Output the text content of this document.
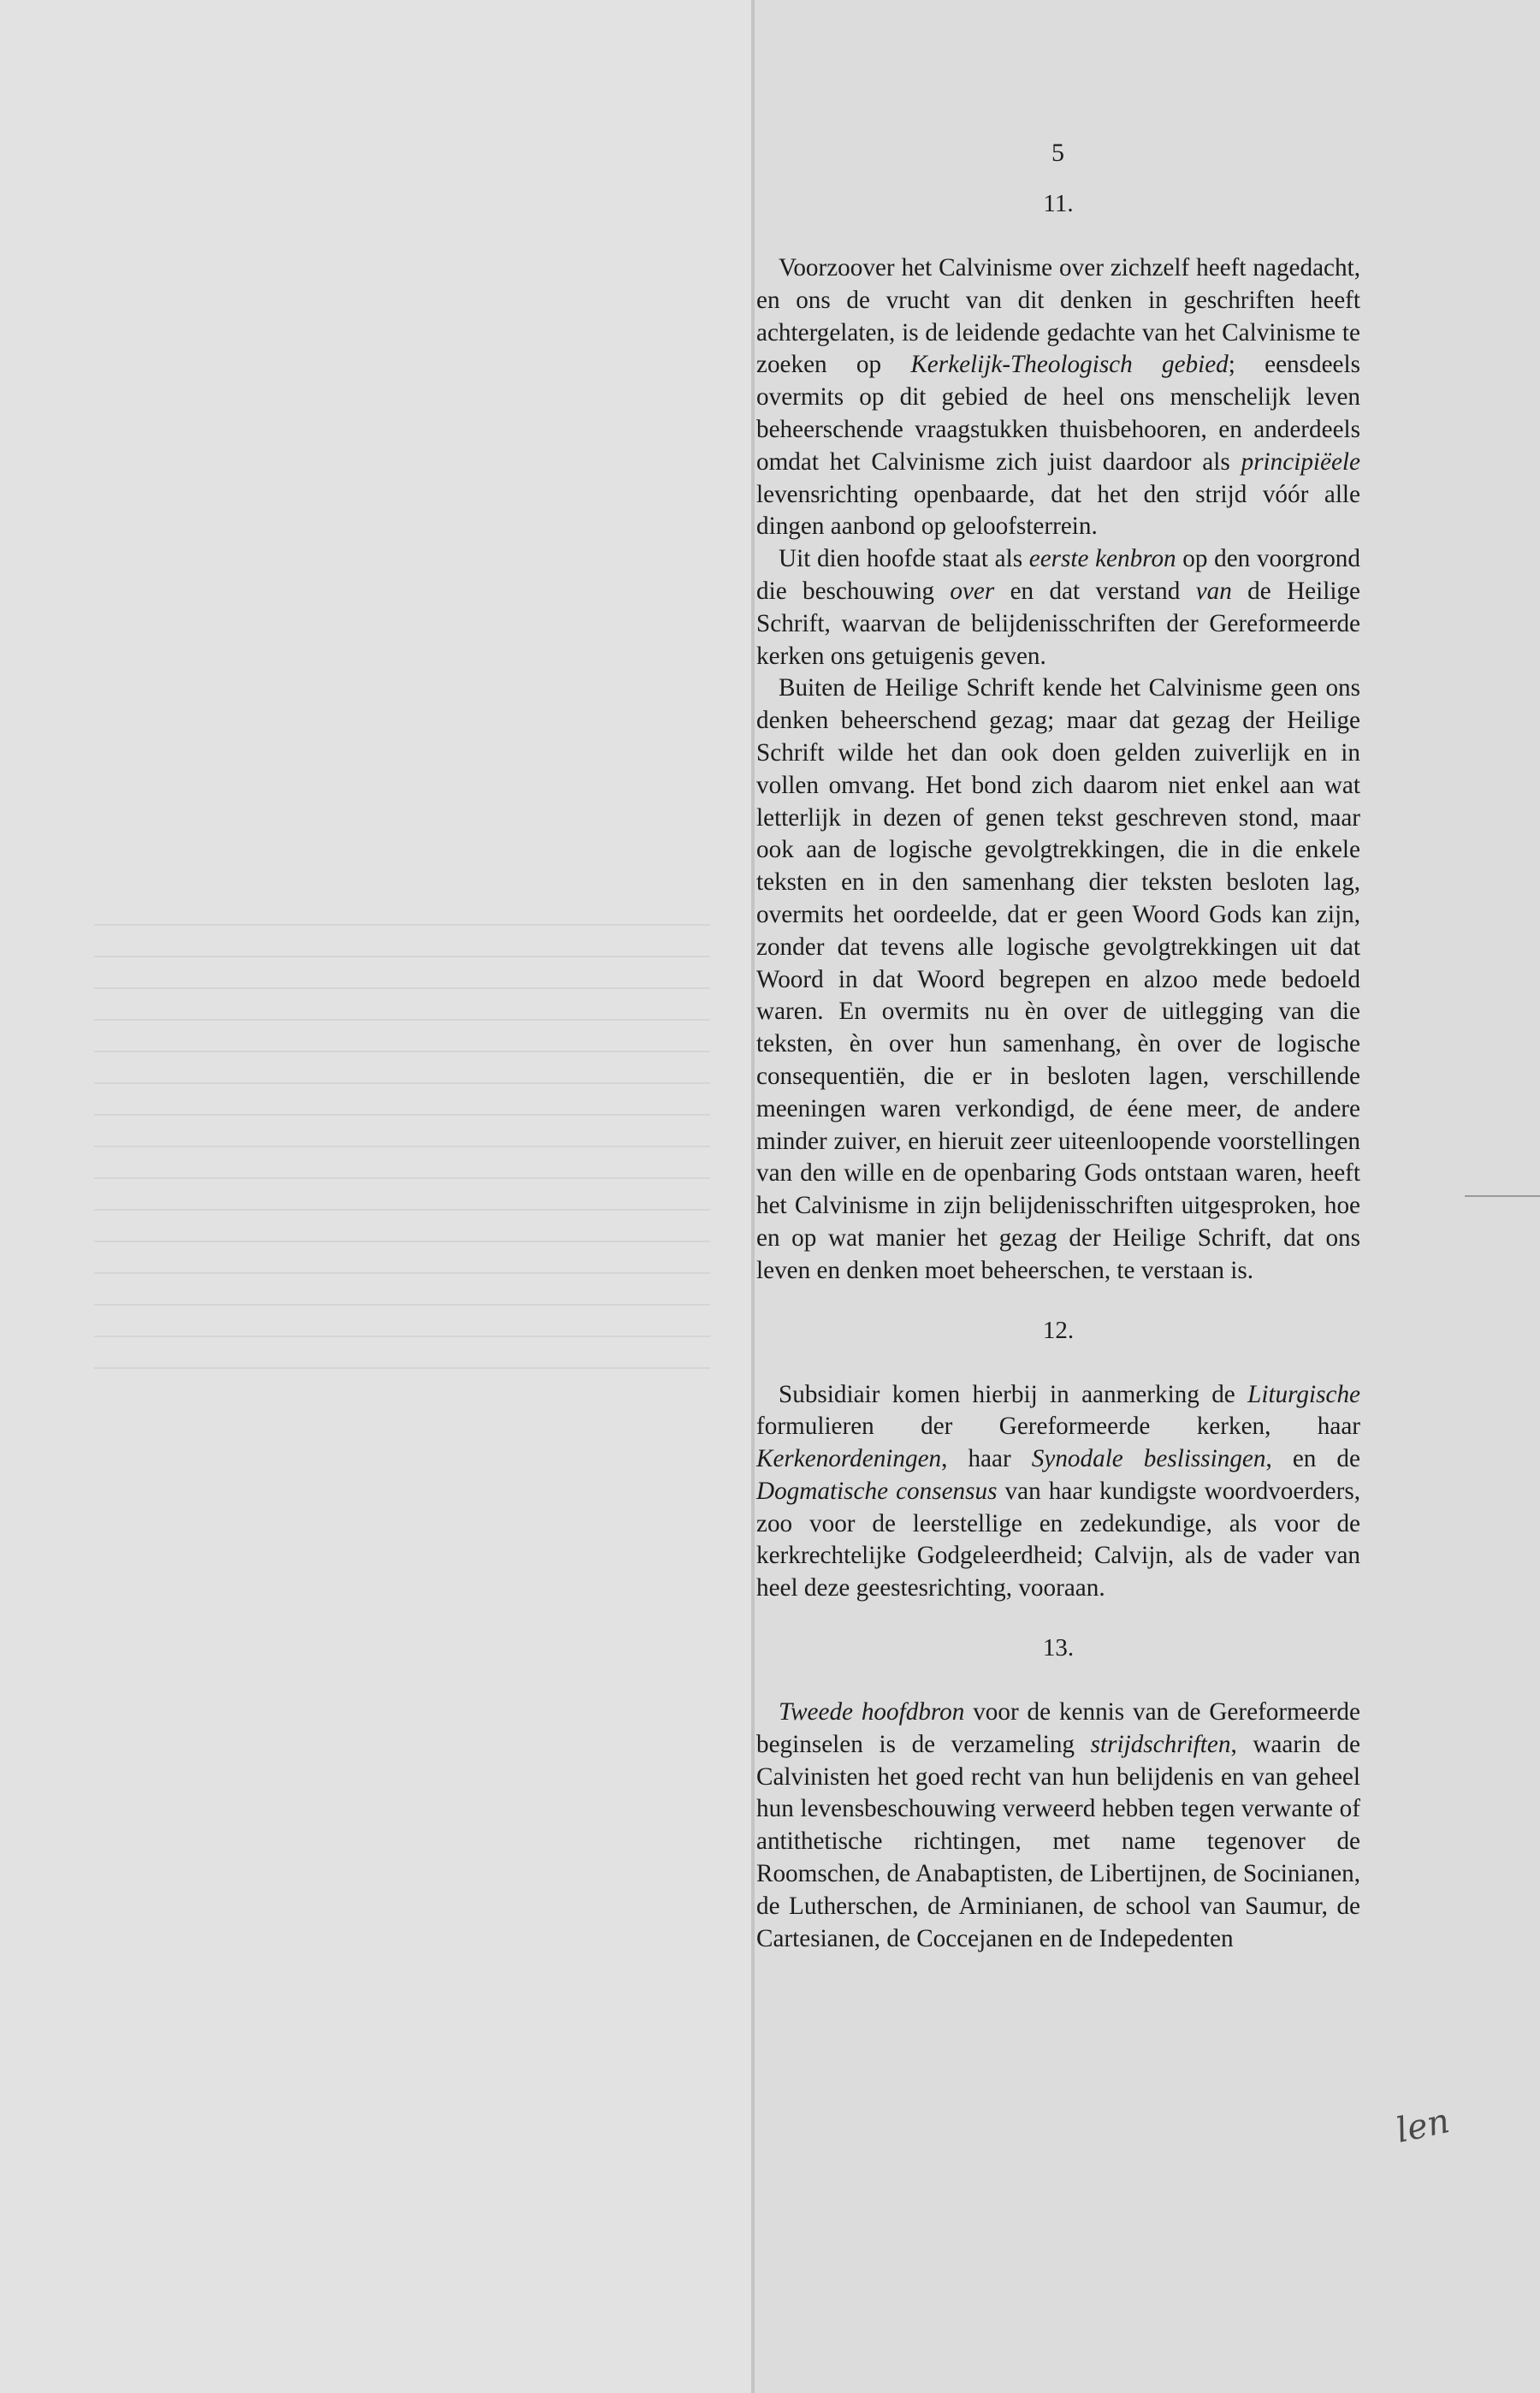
5
11.

Voorzoover het Calvinisme over zichzelf heeft nagedacht, en ons de vrucht van dit denken in geschriften heeft achtergelaten, is de leidende gedachte van het Calvinisme te zoeken op Kerkelijk-Theologisch gebied; eensdeels overmits op dit gebied de heel ons menschelijk leven beheerschende vraagstukken thuisbehooren, en anderdeels omdat het Calvinisme zich juist daardoor als principiëele levensrichting openbaarde, dat het den strijd vóór alle dingen aanbond op geloofsterrein.

Uit dien hoofde staat als eerste kenbron op den voorgrond die beschouwing over en dat verstand van de Heilige Schrift, waarvan de belijdenisschriften der Gereformeerde kerken ons getuigenis geven.

Buiten de Heilige Schrift kende het Calvinisme geen ons denken beheerschend gezag; maar dat gezag der Heilige Schrift wilde het dan ook doen gelden zuiverlijk en in vollen omvang. Het bond zich daarom niet enkel aan wat letterlijk in dezen of genen tekst geschreven stond, maar ook aan de logische gevolgtrekkingen, die in die enkele teksten en in den samenhang dier teksten besloten lag, overmits het oordeelde, dat er geen Woord Gods kan zijn, zonder dat tevens alle logische gevolgtrekkingen uit dat Woord in dat Woord begrepen en alzoo mede bedoeld waren. En overmits nu èn over de uitlegging van die teksten, èn over hun samenhang, èn over de logische consequentiën, die er in besloten lagen, verschillende meeningen waren verkondigd, de éene meer, de andere minder zuiver, en hieruit zeer uiteenloopende voorstellingen van den wille en de openbaring Gods ontstaan waren, heeft het Calvinisme in zijn belijdenisschriften uitgesproken, hoe en op wat manier het gezag der Heilige Schrift, dat ons leven en denken moet beheerschen, te verstaan is.

12.

Subsidiair komen hierbij in aanmerking de Liturgische formulieren der Gereformeerde kerken, haar Kerkenordeningen, haar Synodale beslissingen, en de Dogmatische consensus van haar kundigste woordvoerders, zoo voor de leerstellige en zedekundige, als voor de kerkrechtelijke Godgeleerdheid; Calvijn, als de vader van heel deze geestesrichting, vooraan.

13.

Tweede hoofdbron voor de kennis van de Gereformeerde beginselen is de verzameling strijdschriften, waarin de Calvinisten het goed recht van hun belijdenis en van geheel hun levensbeschouwing verweerd hebben tegen verwante of antithetische richtingen, met name tegenover de Roomschen, de Anabaptisten, de Libertijnen, de Socinianen, de Lutherschen, de Arminianen, de school van Saumur, de Cartesianen, de Coccejanen en de Indepedenten

len
